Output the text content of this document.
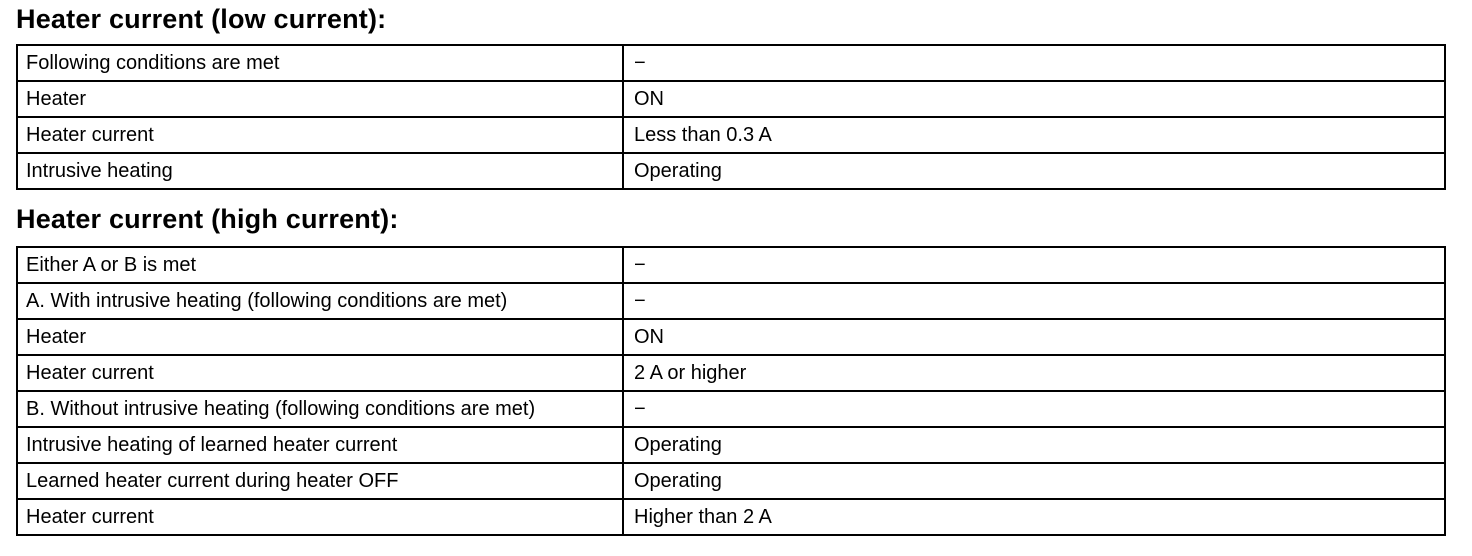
Heater current (low current):
Following conditions are met	−
Heater	ON
Heater current	Less than 0.3 A
Intrusive heating	Operating
Heater current (high current):
Either A or B is met	−
A. With intrusive heating (following conditions are met)	−
Heater	ON
Heater current	2 A or higher
B. Without intrusive heating (following conditions are met)	−
Intrusive heating of learned heater current	Operating
Learned heater current during heater OFF	Operating
Heater current	Higher than 2 A
